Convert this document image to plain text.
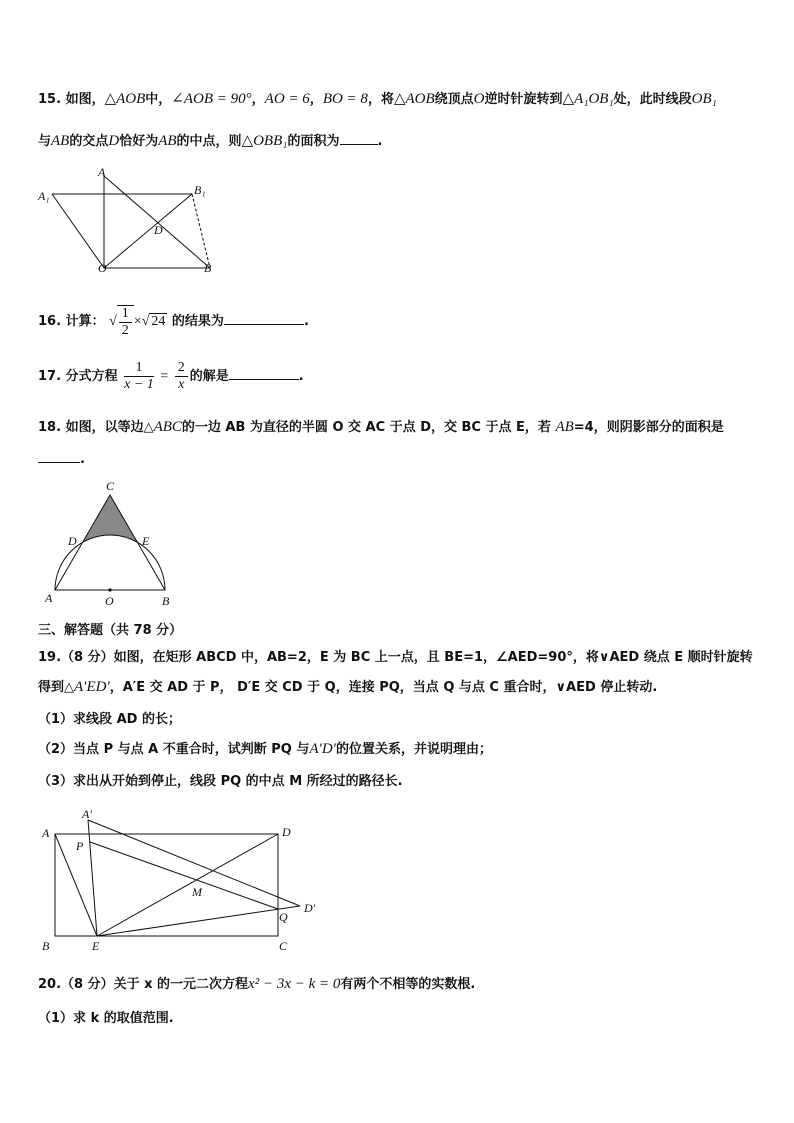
15. 如图，△AOB中，∠AOB = 90°，AO = 6，BO = 8，将△AOB绕顶点O逆时针旋转到△A₁OB₁处，此时线段OB₁
与AB的交点D恰好为AB的中点，则△OBB₁的面积为	.
A₁
A
B₁
D
O	B
16. 计算： √ $\frac{1}{2}$ ×√ 24 的结果为	.
17. 分式方程 $\frac{1}{x - 1} = \frac{2}{x}$ 的解是	.
18. 如图，以等边△ABC的一边 AB 为直径的半圆 O 交 AC 于点 D，交 BC 于点 E，若 AB=4，则阴影部分的面积是
.
C
D	E
A	O	B
三、解答题（共 78 分）
19.（8 分）如图，在矩形 ABCD 中，AB=2，E 为 BC 上一点，且 BE=1，∠AED=90°，将∨AED 绕点 E 顺时针旋转
得到△A′ED′，A′E 交 AD 于 P， D′E 交 CD 于 Q，连接 PQ，当点 Q 与点 C 重合时，∨AED 停止转动.
（1）求线段 AD 的长；
（2）当点 P 与点 A 不重合时，试判断 PQ 与A′D′的位置关系，并说明理由；
（3）求出从开始到停止，线段 PQ 的中点 M 所经过的路径长.
A
A′
D
P
M
D′
Q
B	E	C
20.（8 分）关于 x 的一元二次方程x² − 3x − k = 0有两个不相等的实数根.
（1）求 k 的取值范围.
